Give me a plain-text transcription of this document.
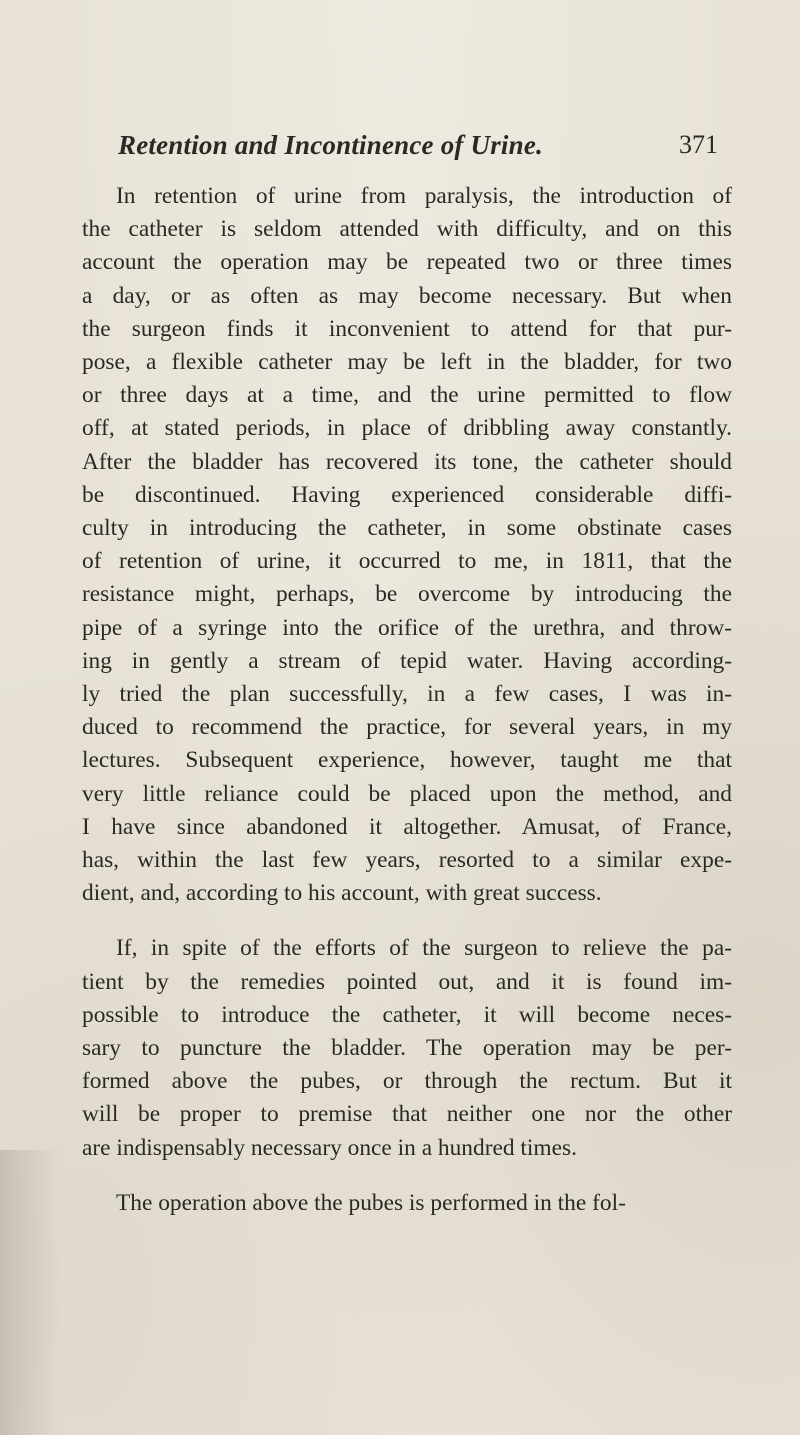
Retention and Incontinence of Urine.	371
In retention of urine from paralysis, the introduction of
the catheter is seldom attended with difficulty, and on this
account the operation may be repeated two or three times
a day, or as often as may become necessary. But when
the surgeon finds it inconvenient to attend for that pur-
pose, a flexible catheter may be left in the bladder, for two
or three days at a time, and the urine permitted to flow
off, at stated periods, in place of dribbling away constantly.
After the bladder has recovered its tone, the catheter should
be discontinued. Having experienced considerable diffi-
culty in introducing the catheter, in some obstinate cases
of retention of urine, it occurred to me, in 1811, that the
resistance might, perhaps, be overcome by introducing the
pipe of a syringe into the orifice of the urethra, and throw-
ing in gently a stream of tepid water. Having according-
ly tried the plan successfully, in a few cases, I was in-
duced to recommend the practice, for several years, in my
lectures. Subsequent experience, however, taught me that
very little reliance could be placed upon the method, and
I have since abandoned it altogether. Amusat, of France,
has, within the last few years, resorted to a similar expe-
dient, and, according to his account, with great success.
If, in spite of the efforts of the surgeon to relieve the pa-
tient by the remedies pointed out, and it is found im-
possible to introduce the catheter, it will become neces-
sary to puncture the bladder. The operation may be per-
formed above the pubes, or through the rectum. But it
will be proper to premise that neither one nor the other
are indispensably necessary once in a hundred times.
The operation above the pubes is performed in the fol-
